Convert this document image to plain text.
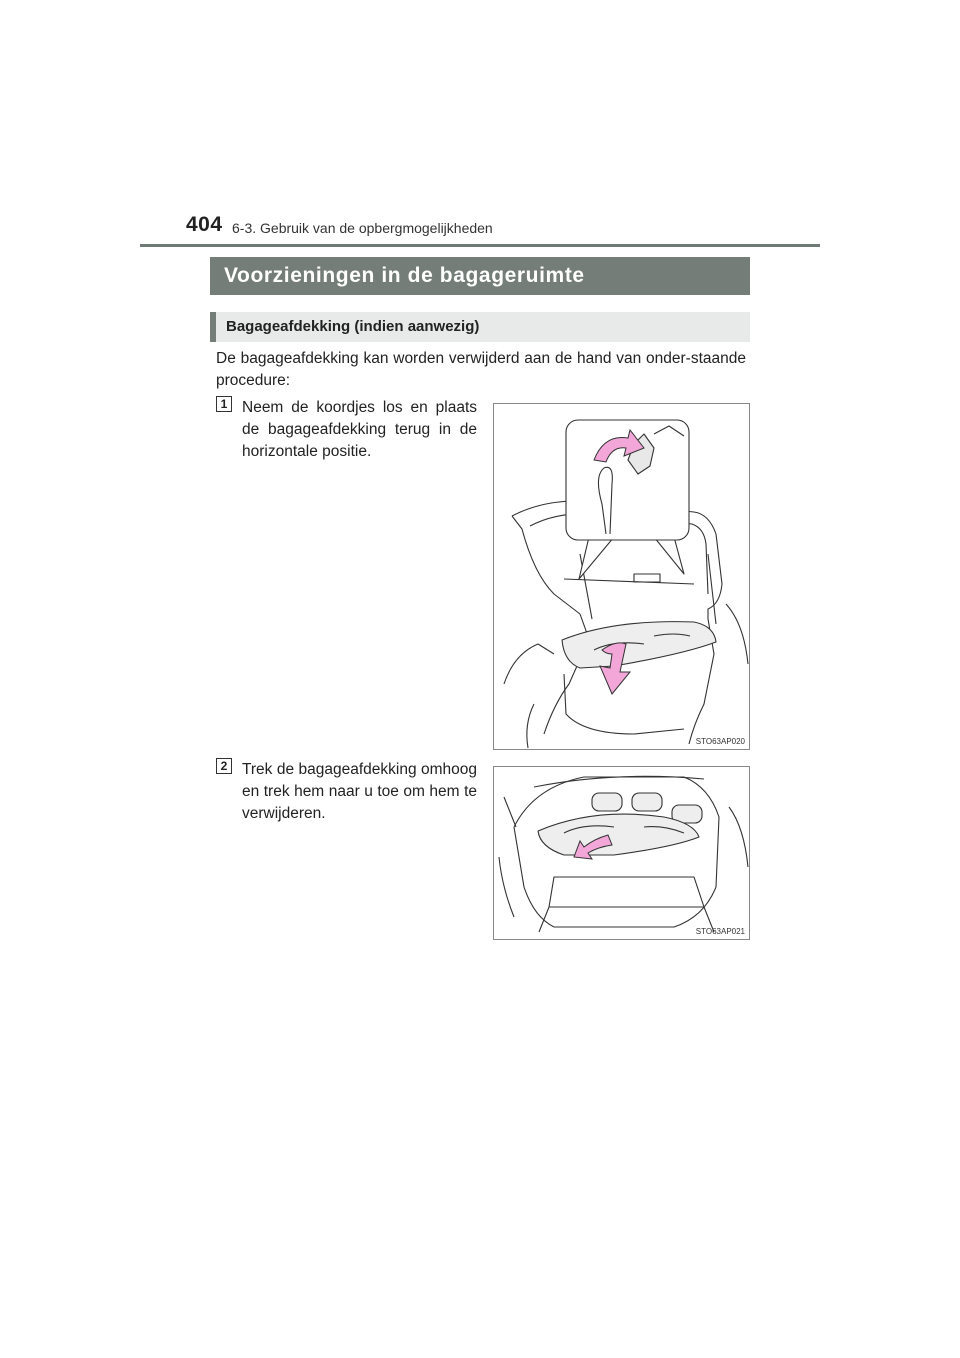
404 6-3. Gebruik van de opbergmogelijkheden
Voorzieningen in de bagageruimte
Bagageafdekking (indien aanwezig)
De bagageafdekking kan worden verwijderd aan de hand van onder-staande procedure:
1 Neem de koordjes los en plaats de bagageafdekking terug in de horizontale positie.
STO63AP020
2 Trek de bagageafdekking omhoog en trek hem naar u toe om hem te verwijderen.
STO63AP021
